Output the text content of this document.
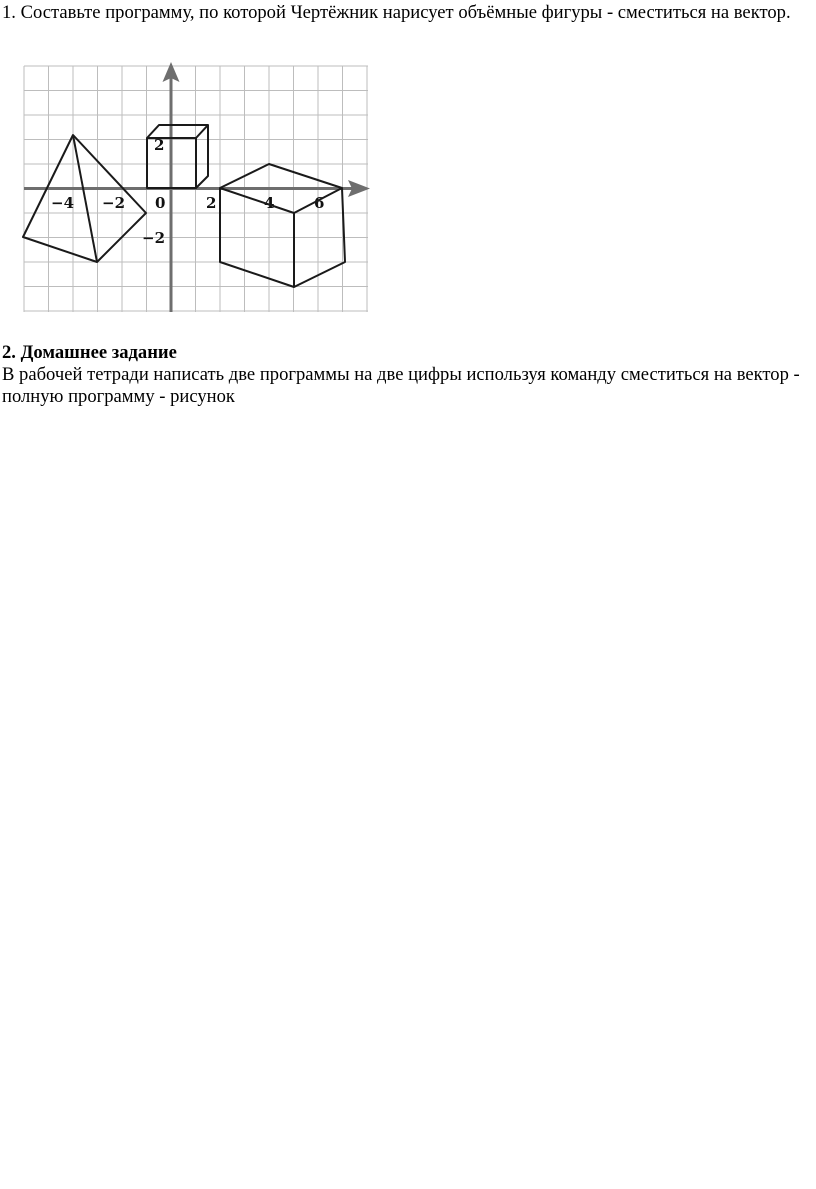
1. Составьте программу, по которой Чертёжник нарисует объёмные фигуры - сместиться на вектор.

−4 −2 0	2	4	6
2
−2

2. Домашнее задание

В рабочей тетради написать две программы на две цифры используя команду сместиться на вектор - полную программу - рисунок
